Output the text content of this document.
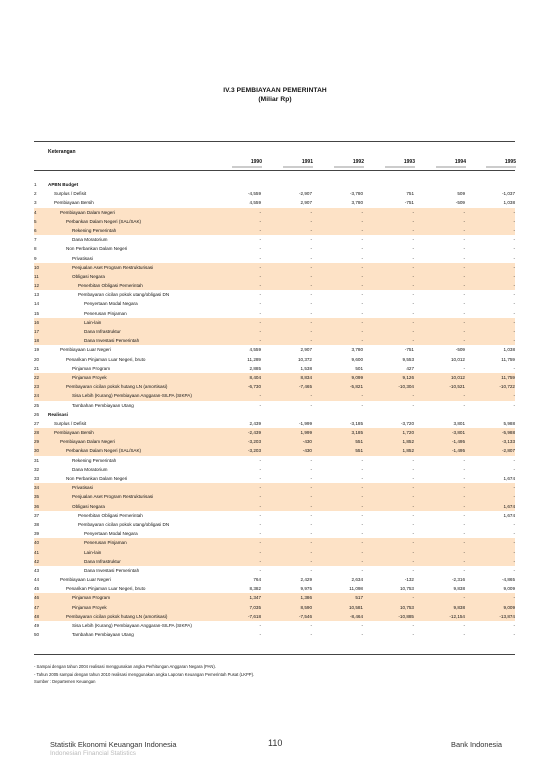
IV.3 PEMBIAYAAN PEMERINTAH
(Miliar Rp)
Keterangan
1990	1991	1992	1993	1994	1995
1	APBN Budget
2	Surplus / Defisit	-4,559	-2,907	-3,780	751	509	-1,037
3	Pembiayaan Bersih	4,559	2,907	3,780	-751	-509	1,038
4	Pembiayaan Dalam Negeri	-	-	-	-	-	-
5	Perbankan Dalam Negeri (SAL/SAK)	-	-	-	-	-	-
6	Rekening Pemerintah	-	-	-	-	-	-
7	Dana Moratorium	-	-	-	-	-	-
8	Non Perbankan Dalam Negeri	-	-	-	-	-	-
9	Privatisasi	-	-	-	-	-	-
10	Penjualan Aset Program Restrukturisasi	-	-	-	-	-	-
11	Obligasi Negara	-	-	-	-	-	-
12	Penerbitan Obligasi Pemerintah	-	-	-	-	-	-
13	Pembayaran cicilan pokok utang/obligasi DN	-	-	-	-	-	-
14	Penyertaan Modal Negara	-	-	-	-	-	-
15	Penerusan Pinjaman	-	-	-	-	-	-
16	Lain-lain	-	-	-	-	-	-
17	Dana Infrastruktur	-	-	-	-	-	-
18	Dana Investasi Pemerintah	-	-	-	-	-	-
19	Pembiayaan Luar Negeri	4,559	2,907	3,780	-751	-509	1,038
20	Penarikan Pinjaman Luar Negeri, bruto	11,289	10,372	9,600	9,553	10,012	11,759
21	Pinjaman Program	2,885	1,538	501	427	-	-
22	Pinjaman Proyek	8,404	8,834	9,099	9,126	10,012	11,759
23	Pembayaran cicilan pokok hutang LN (amortisasi)	-6,730	-7,465	-5,821	-10,304	-10,521	-10,722
24	Sisa Lebih (Kurang) Pembiayaan Anggaran-SILPA (SIKPA)	-	-	-	-	-	-
25	Tambahan Pembiayaan Utang	-	-	-	-	-	-
26	Realisasi
27	Surplus / Defisit	2,439	-1,999	-3,185	-3,720	3,801	5,988
28	Pembiayaan Bersih	-2,439	1,999	3,185	1,720	-3,801	-5,988
29	Pembiayaan Dalam Negeri	-3,203	-430	551	1,852	-1,495	-3,133
30	Perbankan Dalam Negeri (SAL/SAK)	-3,203	-430	551	1,852	-1,495	-2,807
31	Rekening Pemerintah	-	-	-	-	-	-
32	Dana Moratorium	-	-	-	-	-	-
33	Non Perbankan Dalam Negeri	-	-	-	-	-	1,674
34	Privatisasi	-	-	-	-	-	-
35	Penjualan Aset Program Restrukturisasi	-	-	-	-	-	-
36	Obligasi Negara	-	-	-	-	-	1,674
37	Penerbitan Obligasi Pemerintah	-	-	-	-	-	1,674
38	Pembayaran cicilan pokok utang/obligasi DN	-	-	-	-	-	-
39	Penyertaan Modal Negara	-	-	-	-	-	-
40	Penerusan Pinjaman	-	-	-	-	-	-
41	Lain-lain	-	-	-	-	-	-
42	Dana Infrastruktur	-	-	-	-	-	-
43	Dana Investasi Pemerintah	-	-	-	-	-	-
44	Pembiayaan Luar Negeri	764	2,429	2,634	-132	-2,316	-4,865
45	Penarikan Pinjaman Luar Negeri, bruto	8,382	9,975	11,098	10,753	9,838	9,009
46	Pinjaman Program	1,347	1,386	517	-	-	-
47	Pinjaman Proyek	7,035	8,590	10,581	10,753	9,838	9,009
48	Pembayaran cicilan pokok hutang LN (amortisasi)	-7,618	-7,546	-8,464	-10,885	-12,154	-13,874
49	Sisa Lebih (Kurang) Pembiayaan Anggaran-SILPA (SIKPA)	-	-	-	-	-	-
50	Tambahan Pembiayaan Utang	-	-	-	-	-	-
- Sampai dengan tahun 2004 realisasi menggunakan angka Perhitungan Anggaran Negara (PAN).
- Tahun 2005 sampai dengan tahun 2010 realisasi menggunakan angka Laporan Keuangan Pemerintah Pusat (LKPP).
Sumber : Departemen Keuangan
Statistik Ekonomi Keuangan Indonesia	110	Bank Indonesia
Indonesian Financial Statistics
